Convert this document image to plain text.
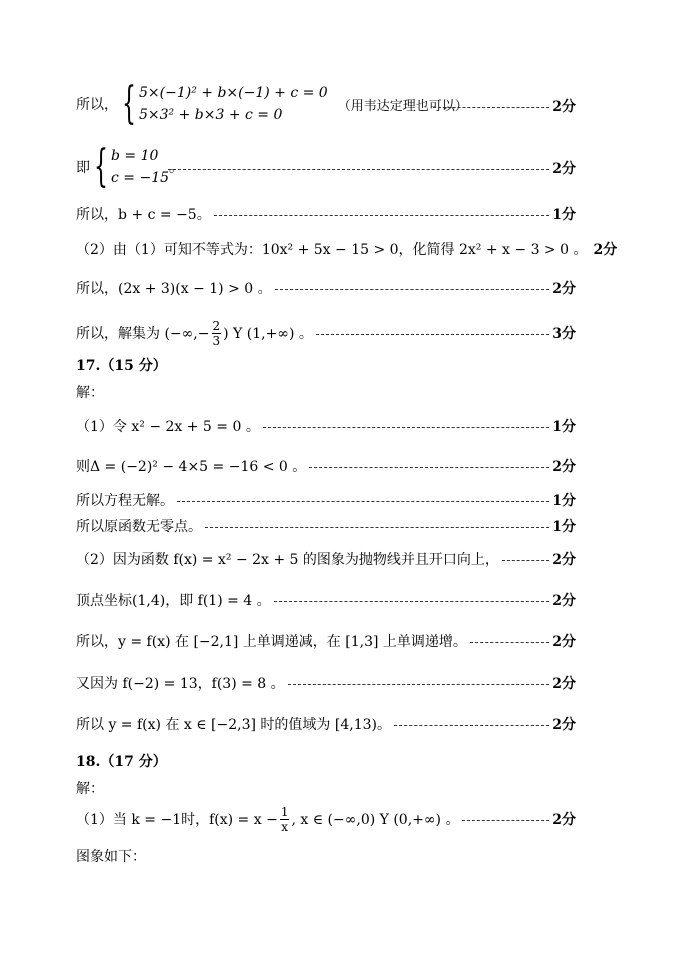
所以， { 5×(−1)² + b×(−1) + c = 0
5×3² + b×3 + c = 0
（用韦达定理也可以）	2分
即 { b = 10
c = −15
。	2分
所以，b + c = −5。	1分
（2）由（1）可知不等式为：10x² + 5x − 15 > 0，化简得 2x² + x − 3 > 0 。 2分
所以，(2x + 3)(x − 1) > 0 。	2分
所以，解集为 (−∞,− $\frac{2}{3}$ ) Y (1,+∞) 。	3分
17.（15 分）
解：
（1）令 x² − 2x + 5 = 0 。	1分
则Δ = (−2)² − 4×5 = −16 < 0 。	2分
所以方程无解。	1分
所以原函数无零点。	1分
（2）因为函数 f(x) = x² − 2x + 5 的图象为抛物线并且开口向上，	2分
顶点坐标(1,4)，即 f(1) = 4 。	2分
所以，y = f(x) 在 [−2,1] 上单调递减，在 [1,3] 上单调递增。	2分
又因为 f(−2) = 13，f(3) = 8 。	2分
所以 y = f(x) 在 x ∈ [−2,3] 时的值域为 [4,13)。	2分
18.（17 分）
解：
（1）当 k = −1时，$f(x) = x - \frac{1}{x}$ , x ∈ (−∞,0) Y (0,+∞) 。	2分
图象如下：
